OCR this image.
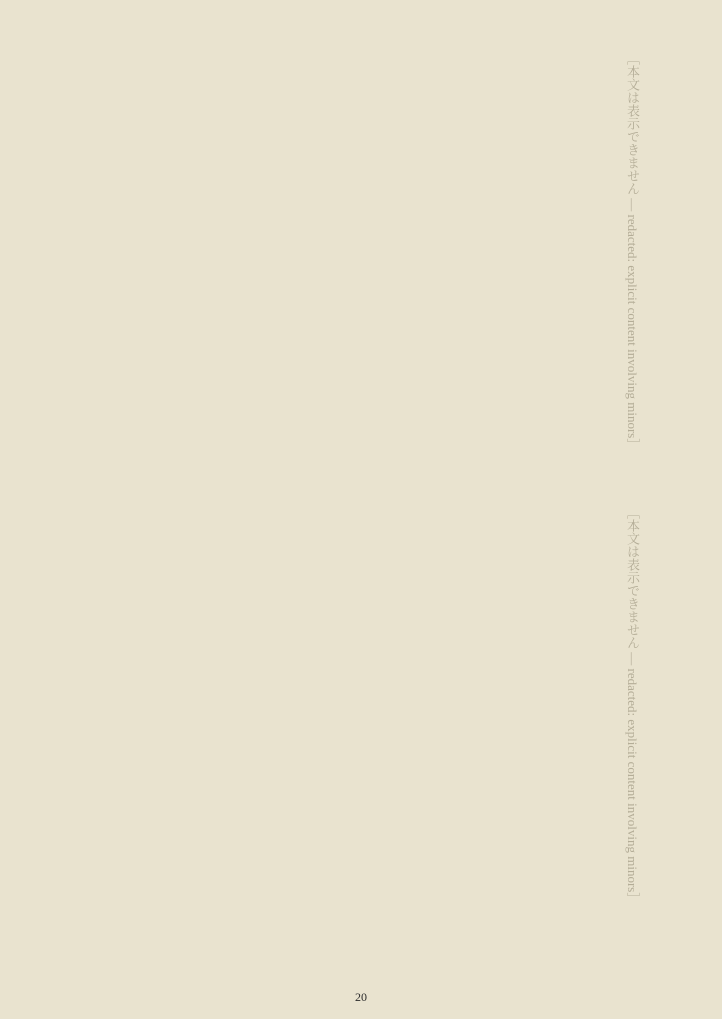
［本文は表示できません — redacted: explicit content involving minors］
［本文は表示できません — redacted: explicit content involving minors］
20
